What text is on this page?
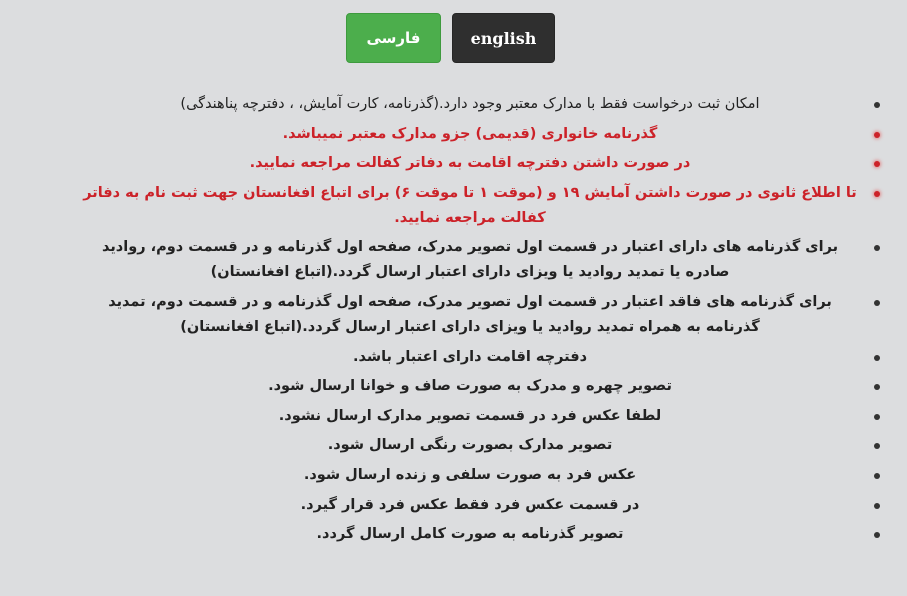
فارسی	english
امکان ثبت درخواست فقط با مدارک معتبر وجود دارد.(گذرنامه، کارت آمایش، ، دفترچه پناهندگی)
گذرنامه خانواری (قدیمی) جزو مدارک معتبر نمیباشد.
در صورت داشتن دفترچه اقامت به دفاتر کفالت مراجعه نمایید.
تا اطلاع ثانوی در صورت داشتن آمایش ۱۹ و (موقت ۱ تا موقت ۶) برای اتباع افغانستان جهت ثبت نام به دفاتر کفالت مراجعه نمایید.
برای گذرنامه های دارای اعتبار در قسمت اول تصویر مدرک، صفحه اول گذرنامه و در قسمت دوم، روادید صادره یا تمدید روادید یا ویزای دارای اعتبار ارسال گردد.(اتباع افغانستان)
برای گذرنامه های فاقد اعتبار در قسمت اول تصویر مدرک، صفحه اول گذرنامه و در قسمت دوم، تمدید گذرنامه به همراه تمدید روادید یا ویزای دارای اعتبار ارسال گردد.(اتباع افغانستان)
دفترچه اقامت دارای اعتبار باشد.
تصویر چهره و مدرک به صورت صاف و خوانا ارسال شود.
لطفا عکس فرد در قسمت تصویر مدارک ارسال نشود.
تصویر مدارک بصورت رنگی ارسال شود.
عکس فرد به صورت سلفی و زنده ارسال شود.
در قسمت عکس فرد فقط عکس فرد قرار گیرد.
تصویر گذرنامه به صورت کامل ارسال گردد.
